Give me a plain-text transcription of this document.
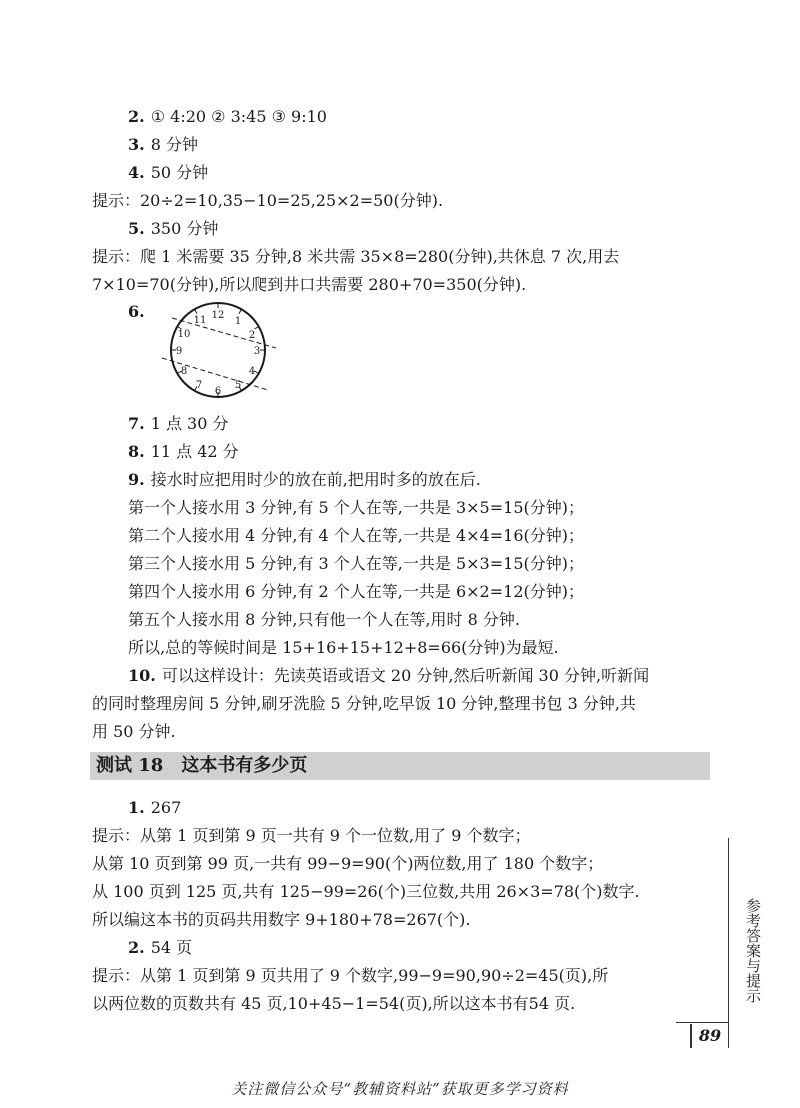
2. ① 4:20 ② 3:45 ③ 9:10
3. 8 分钟
4. 50 分钟
提示：20÷2=10,35−10=25,25×2=50(分钟).
5. 350 分钟
提示：爬 1 米需要 35 分钟,8 米共需 35×8=280(分钟),共休息 7 次,用去
7×10=70(分钟),所以爬到井口共需要 280+70=350(分钟).
6.	12
1
2
3
4
5
6
7
8
9
10
11
7. 1 点 30 分
8. 11 点 42 分
9. 接水时应把用时少的放在前,把用时多的放在后.
第一个人接水用 3 分钟,有 5 个人在等,一共是 3×5=15(分钟)；
第二个人接水用 4 分钟,有 4 个人在等,一共是 4×4=16(分钟)；
第三个人接水用 5 分钟,有 3 个人在等,一共是 5×3=15(分钟)；
第四个人接水用 6 分钟,有 2 个人在等,一共是 6×2=12(分钟)；
第五个人接水用 8 分钟,只有他一个人在等,用时 8 分钟.
所以,总的等候时间是 15+16+15+12+8=66(分钟)为最短.
10. 可以这样设计：先读英语或语文 20 分钟,然后听新闻 30 分钟,听新闻
的同时整理房间 5 分钟,刷牙洗脸 5 分钟,吃早饭 10 分钟,整理书包 3 分钟,共
用 50 分钟.
测试 18 这本书有多少页
1. 267
提示：从第 1 页到第 9 页一共有 9 个一位数,用了 9 个数字；
从第 10 页到第 99 页,一共有 99−9=90(个)两位数,用了 180 个数字；
从 100 页到 125 页,共有 125−99=26(个)三位数,共用 26×3=78(个)数字.
所以编这本书的页码共用数字 9+180+78=267(个).
2. 54 页
提示：从第 1 页到第 9 页共用了 9 个数字,99−9=90,90÷2=45(页),所
以两位数的页数共有 45 页,10+45−1=54(页),所以这本书有54 页.
参考答案与提示
89
关注微信公众号“教辅资料站”获取更多学习资料
